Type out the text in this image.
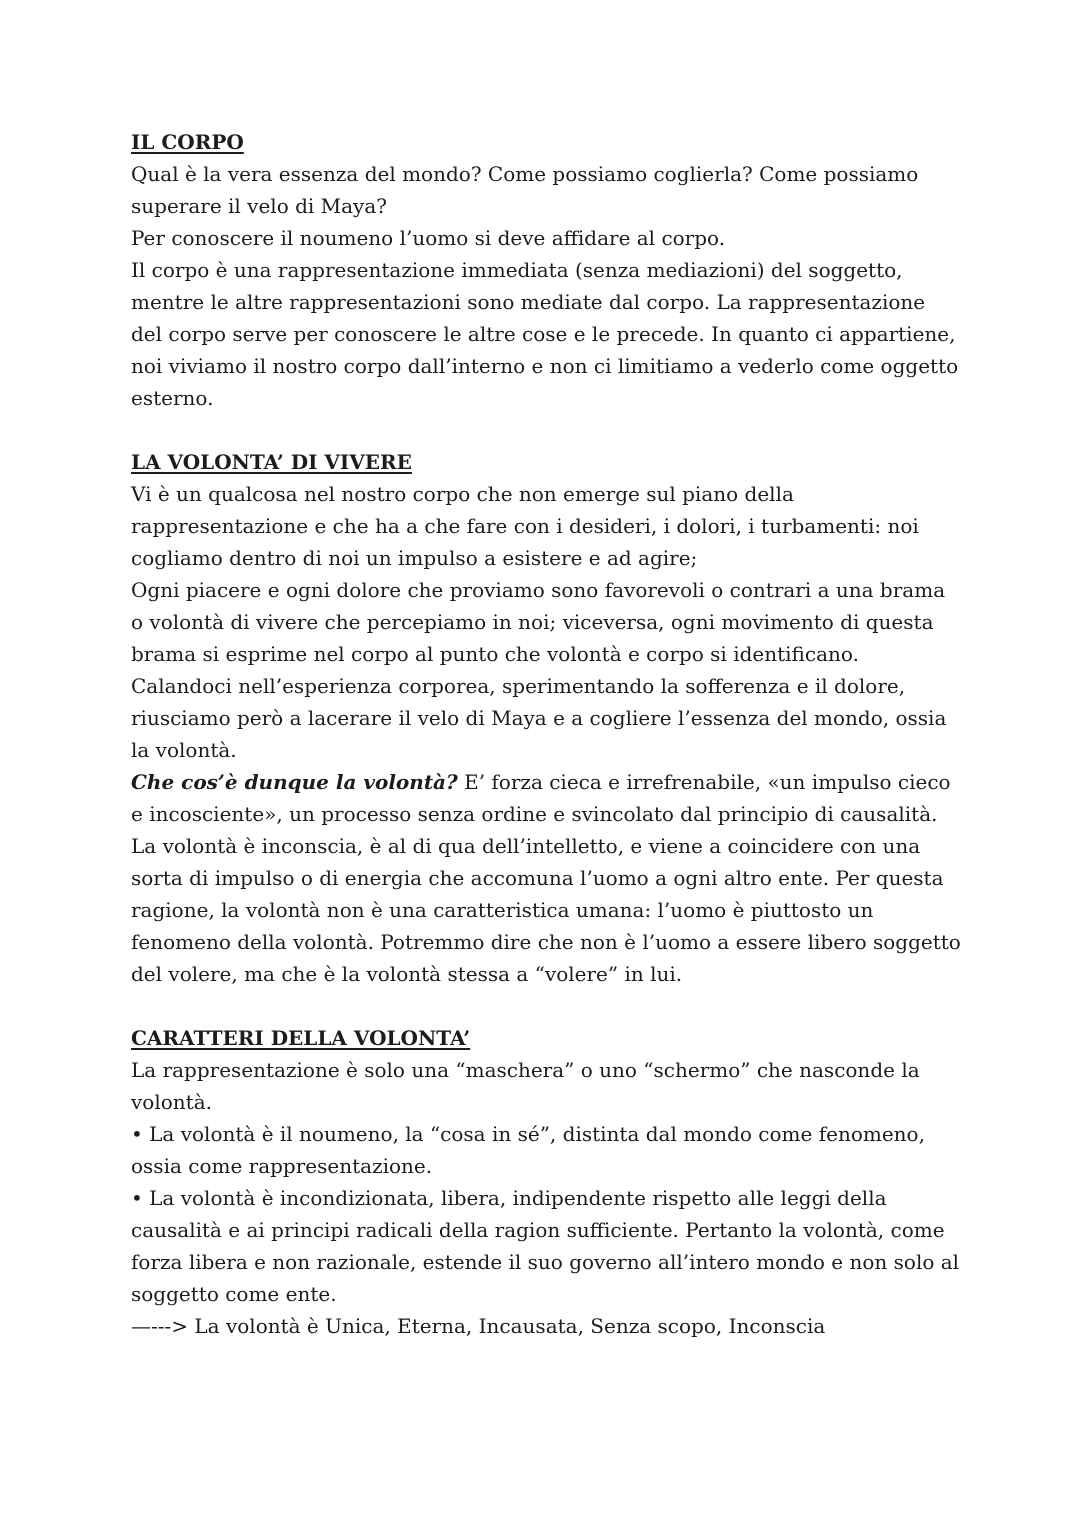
IL CORPO
Qual è la vera essenza del mondo? Come possiamo coglierla? Come possiamo superare il velo di Maya?
Per conoscere il noumeno l’uomo si deve affidare al corpo.
Il corpo è una rappresentazione immediata (senza mediazioni) del soggetto, mentre le altre rappresentazioni sono mediate dal corpo. La rappresentazione del corpo serve per conoscere le altre cose e le precede. In quanto ci appartiene, noi viviamo il nostro corpo dall’interno e non ci limitiamo a vederlo come oggetto esterno.
LA VOLONTA’ DI VIVERE
Vi è un qualcosa nel nostro corpo che non emerge sul piano della rappresentazione e che ha a che fare con i desideri, i dolori, i turbamenti: noi cogliamo dentro di noi un impulso a esistere e ad agire;
Ogni piacere e ogni dolore che proviamo sono favorevoli o contrari a una brama o volontà di vivere che percepiamo in noi; viceversa, ogni movimento di questa brama si esprime nel corpo al punto che volontà e corpo si identificano. Calandoci nell’esperienza corporea, sperimentando la sofferenza e il dolore, riusciamo però a lacerare il velo di Maya e a cogliere l’essenza del mondo, ossia la volontà.
Che cos’è dunque la volontà? E’ forza cieca e irrefrenabile, «un impulso cieco e incosciente», un processo senza ordine e svincolato dal principio di causalità. La volontà è inconscia, è al di qua dell’intelletto, e viene a coincidere con una sorta di impulso o di energia che accomuna l’uomo a ogni altro ente. Per questa ragione, la volontà non è una caratteristica umana: l’uomo è piuttosto un fenomeno della volontà. Potremmo dire che non è l’uomo a essere libero soggetto del volere, ma che è la volontà stessa a “volere” in lui.
CARATTERI DELLA VOLONTA’
La rappresentazione è solo una “maschera” o uno “schermo” che nasconde la volontà.
• La volontà è il noumeno, la “cosa in sé”, distinta dal mondo come fenomeno, ossia come rappresentazione.
• La volontà è incondizionata, libera, indipendente rispetto alle leggi della causalità e ai principi radicali della ragion sufficiente. Pertanto la volontà, come forza libera e non razionale, estende il suo governo all’intero mondo e non solo al soggetto come ente.
—---> La volontà è Unica, Eterna, Incausata, Senza scopo, Inconscia
